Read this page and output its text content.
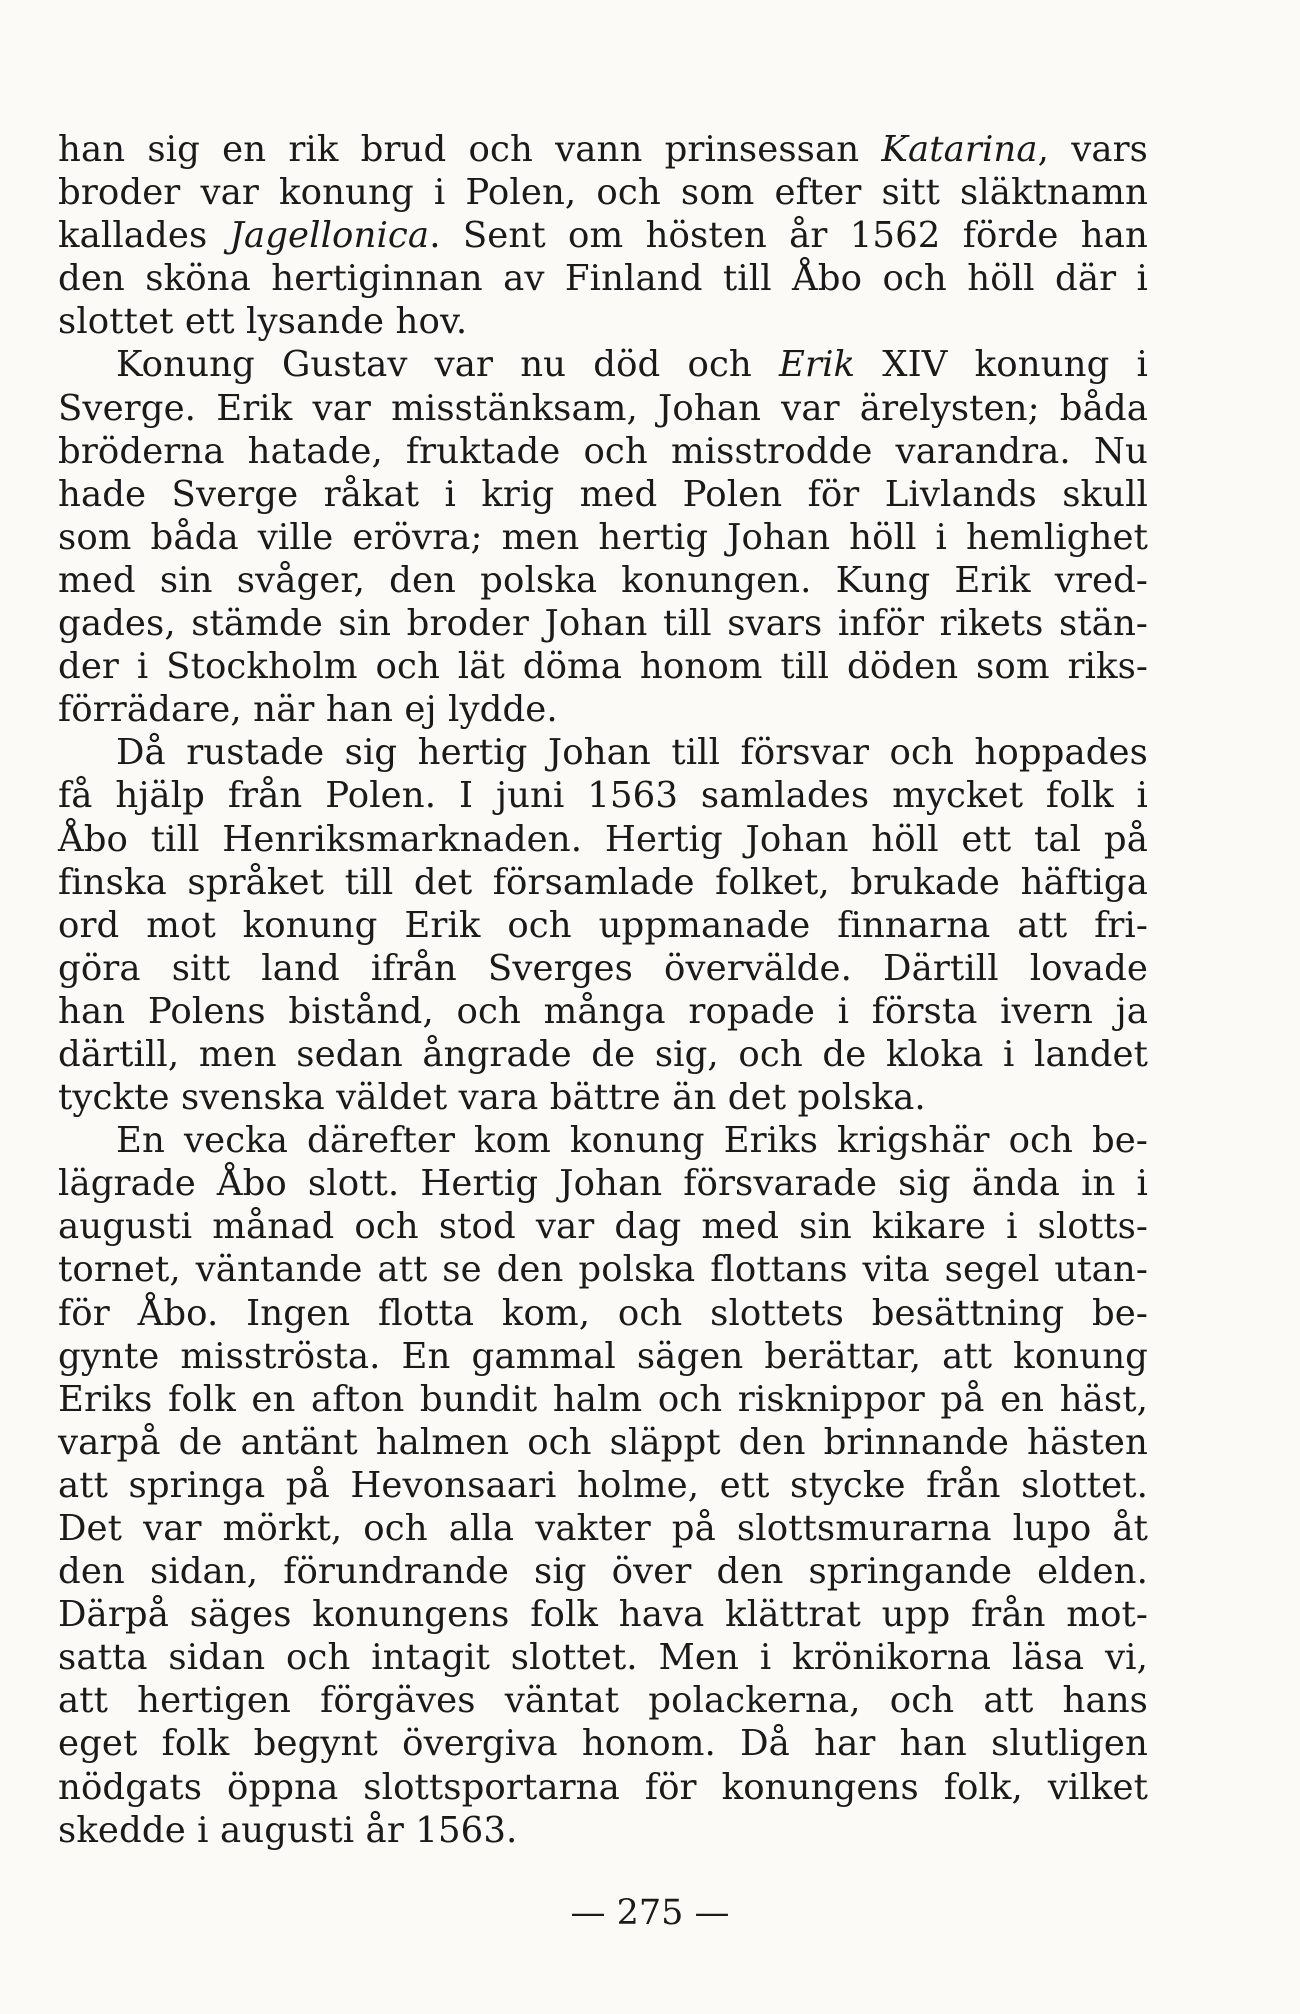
han sig en rik brud och vann prinsessan Katarina, vars
broder var konung i Polen, och som efter sitt släktnamn
kallades Jagellonica. Sent om hösten år 1562 förde han
den sköna hertiginnan av Finland till Åbo och höll där i
slottet ett lysande hov.
Konung Gustav var nu död och Erik XIV konung i
Sverge. Erik var misstänksam, Johan var ärelysten; båda
bröderna hatade, fruktade och misstrodde varandra. Nu
hade Sverge råkat i krig med Polen för Livlands skull
som båda ville erövra; men hertig Johan höll i hemlighet
med sin svåger, den polska konungen. Kung Erik vred-
gades, stämde sin broder Johan till svars inför rikets stän-
der i Stockholm och lät döma honom till döden som riks-
förrädare, när han ej lydde.
Då rustade sig hertig Johan till försvar och hoppades
få hjälp från Polen. I juni 1563 samlades mycket folk i
Åbo till Henriksmarknaden. Hertig Johan höll ett tal på
finska språket till det församlade folket, brukade häftiga
ord mot konung Erik och uppmanade finnarna att fri-
göra sitt land ifrån Sverges övervälde. Därtill lovade
han Polens bistånd, och många ropade i första ivern ja
därtill, men sedan ångrade de sig, och de kloka i landet
tyckte svenska väldet vara bättre än det polska.
En vecka därefter kom konung Eriks krigshär och be-
lägrade Åbo slott. Hertig Johan försvarade sig ända in i
augusti månad och stod var dag med sin kikare i slotts-
tornet, väntande att se den polska flottans vita segel utan-
för Åbo. Ingen flotta kom, och slottets besättning be-
gynte misströsta. En gammal sägen berättar, att konung
Eriks folk en afton bundit halm och risknippor på en häst,
varpå de antänt halmen och släppt den brinnande hästen
att springa på Hevonsaari holme, ett stycke från slottet.
Det var mörkt, och alla vakter på slottsmurarna lupo åt
den sidan, förundrande sig över den springande elden.
Därpå säges konungens folk hava klättrat upp från mot-
satta sidan och intagit slottet. Men i krönikorna läsa vi,
att hertigen förgäves väntat polackerna, och att hans
eget folk begynt övergiva honom. Då har han slutligen
nödgats öppna slottsportarna för konungens folk, vilket
skedde i augusti år 1563.
— 275 —
